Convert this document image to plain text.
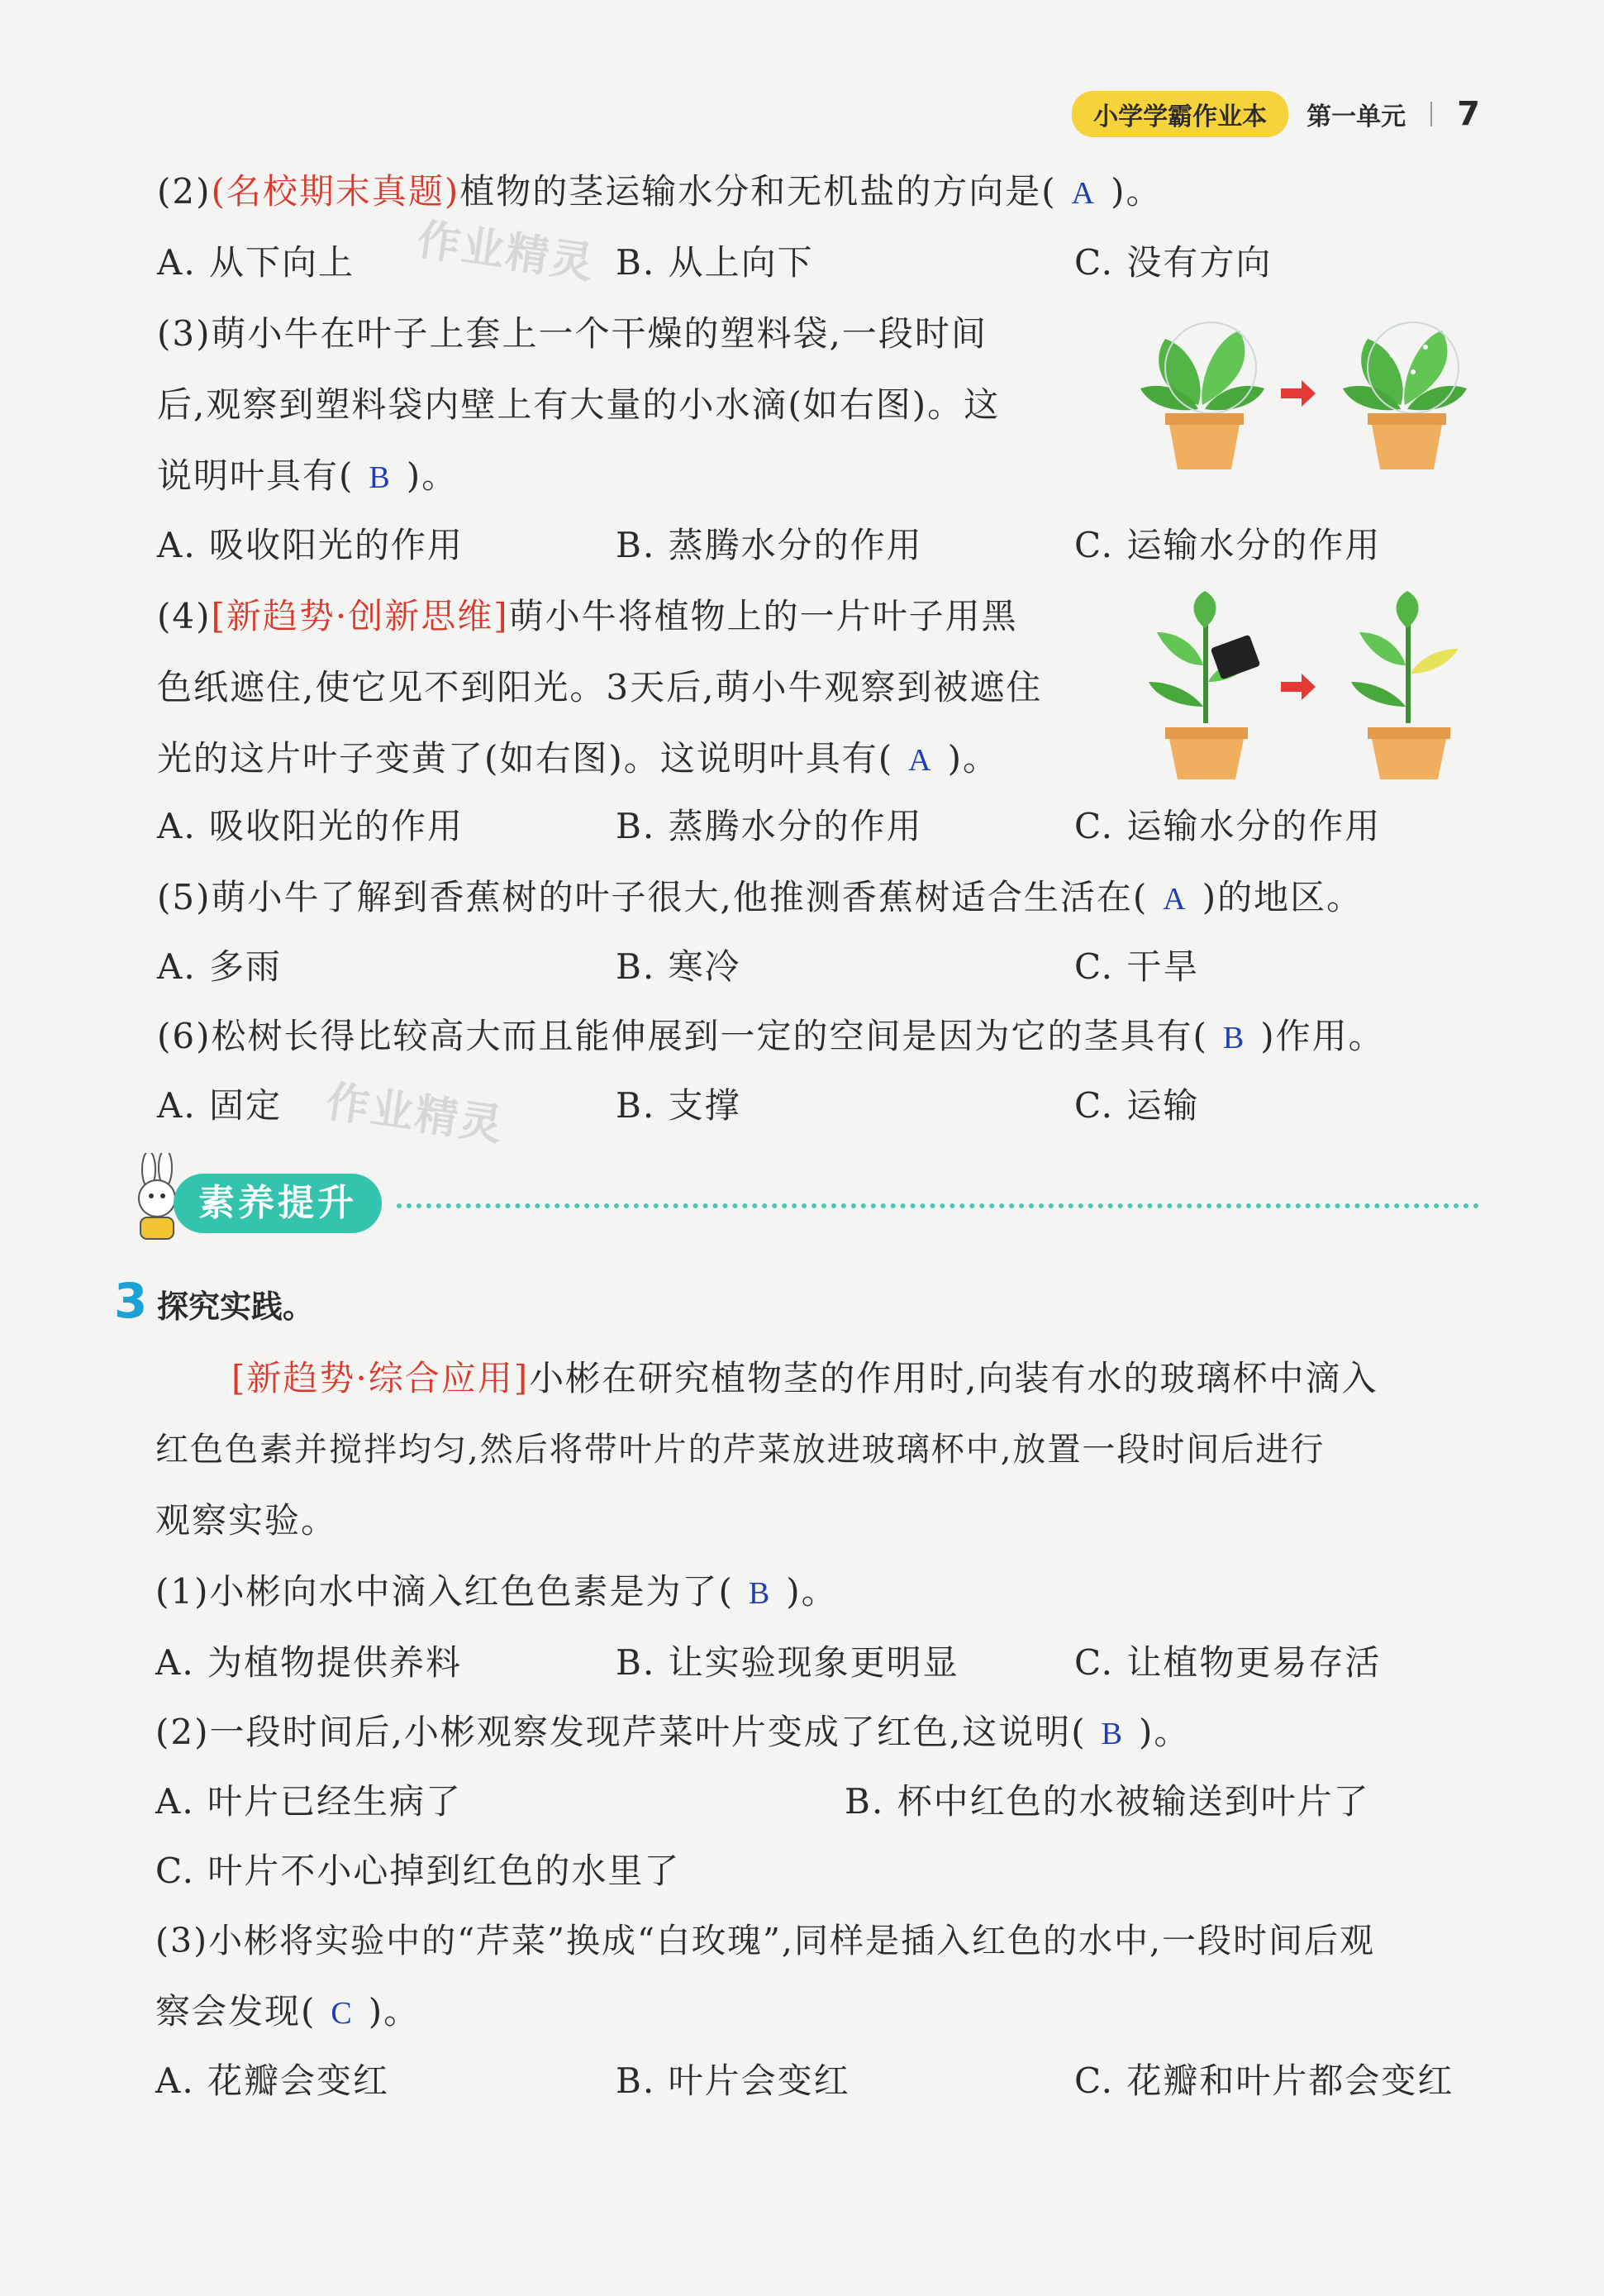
小学学霸作业本	第一单元 7
作业精灵
作业精灵
(2)(名校期末真题)植物的茎运输水分和无机盐的方向是( A )。
A. 从下向上	B. 从上向下	C. 没有方向
(3)萌小牛在叶子上套上一个干燥的塑料袋,一段时间
后,观察到塑料袋内壁上有大量的小水滴(如右图)。这
说明叶具有( B )。
A. 吸收阳光的作用	B. 蒸腾水分的作用	C. 运输水分的作用
(4)[新趋势·创新思维]萌小牛将植物上的一片叶子用黑
色纸遮住,使它见不到阳光。3天后,萌小牛观察到被遮住
光的这片叶子变黄了(如右图)。这说明叶具有( A )。
A. 吸收阳光的作用	B. 蒸腾水分的作用	C. 运输水分的作用
(5)萌小牛了解到香蕉树的叶子很大,他推测香蕉树适合生活在( A )的地区。
A. 多雨	B. 寒冷	C. 干旱
(6)松树长得比较高大而且能伸展到一定的空间是因为它的茎具有( B )作用。
A. 固定	B. 支撑	C. 运输
素养提升
3 探究实践。
[新趋势·综合应用]小彬在研究植物茎的作用时,向装有水的玻璃杯中滴入
红色色素并搅拌均匀,然后将带叶片的芹菜放进玻璃杯中,放置一段时间后进行
观察实验。
(1)小彬向水中滴入红色色素是为了( B )。
A. 为植物提供养料	B. 让实验现象更明显	C. 让植物更易存活
(2)一段时间后,小彬观察发现芹菜叶片变成了红色,这说明( B )。
A. 叶片已经生病了	B. 杯中红色的水被输送到叶片了
C. 叶片不小心掉到红色的水里了
(3)小彬将实验中的“芹菜”换成“白玫瑰”,同样是插入红色的水中,一段时间后观
察会发现( C )。
A. 花瓣会变红	B. 叶片会变红	C. 花瓣和叶片都会变红
